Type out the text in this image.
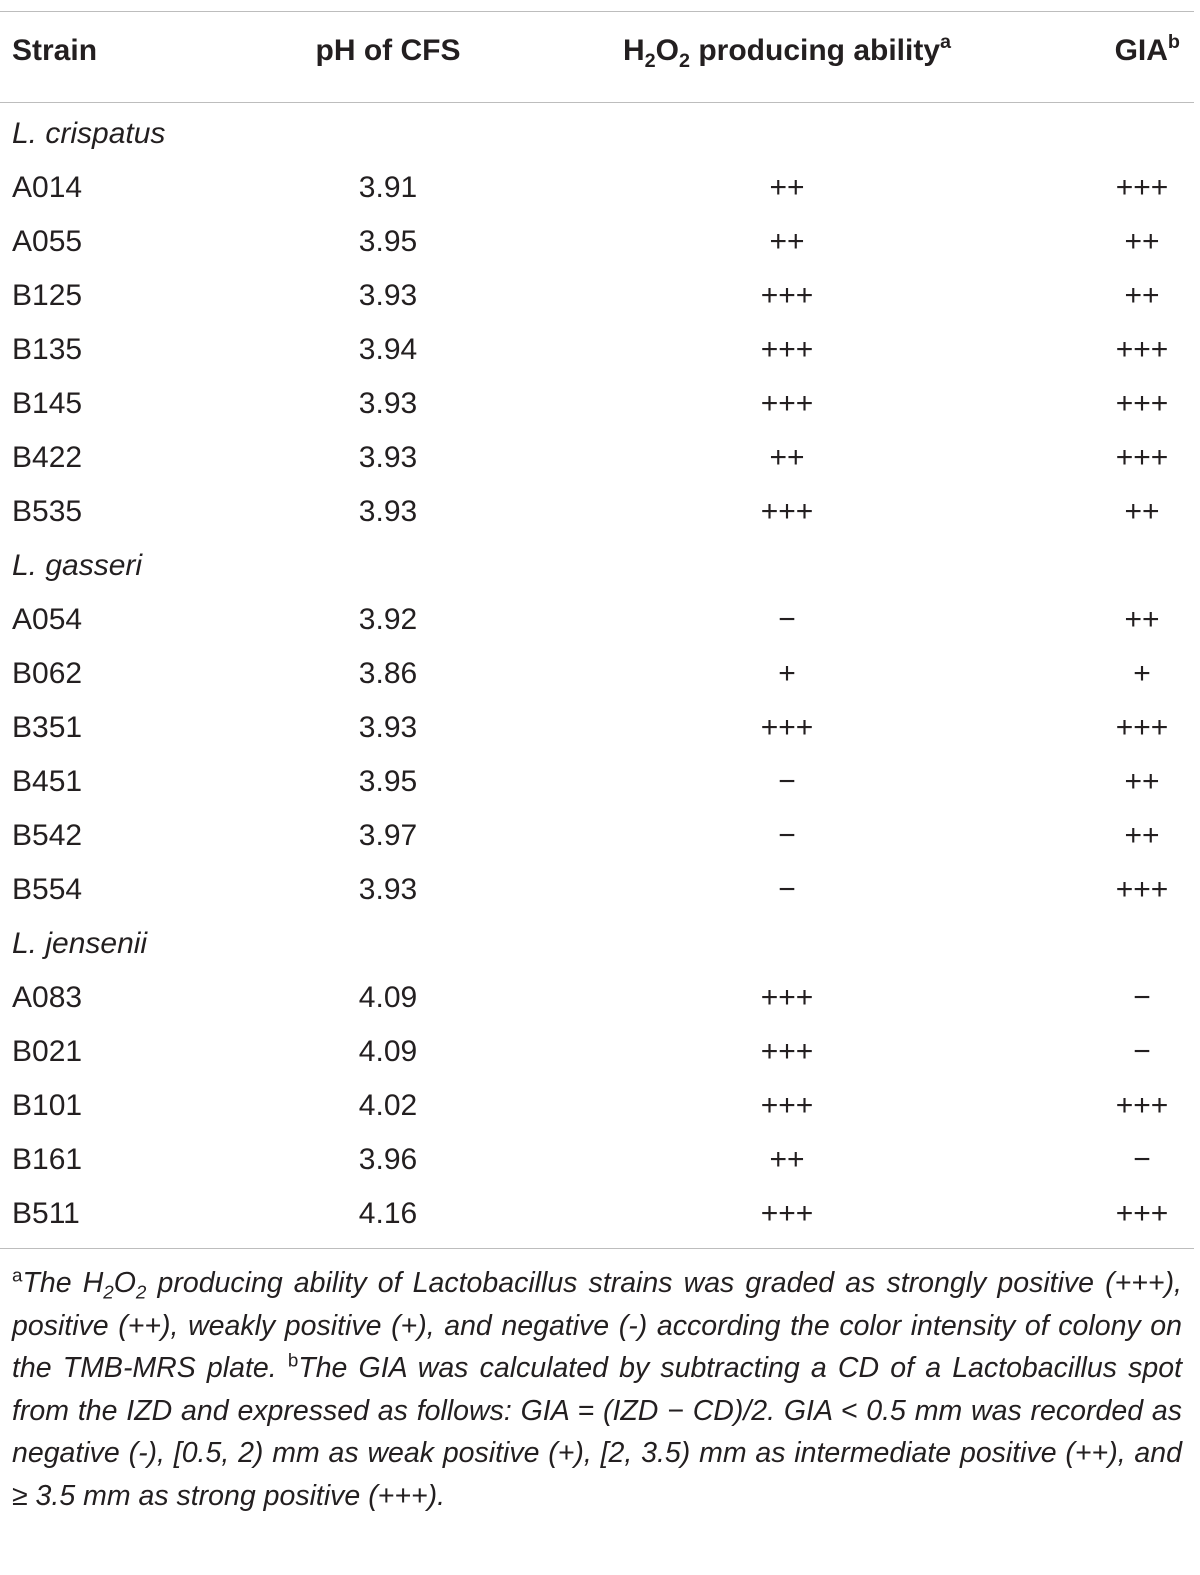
Strain	pH of CFS	$H_2O_2$ producing ability$^a$	GIA$^b$
L. crispatus
A014	3.91	++	+++
A055	3.95	++	++
B125	3.93	+++	++
B135	3.94	+++	+++
B145	3.93	+++	+++
B422	3.93	++	+++
B535	3.93	+++	++
L. gasseri
A054	3.92	−	++
B062	3.86	+	+
B351	3.93	+++	+++
B451	3.95	−	++
B542	3.97	−	++
B554	3.93	−	+++
L. jensenii
A083	4.09	+++	−
B021	4.09	+++	−
B101	4.02	+++	+++
B161	3.96	++	−
B511	4.16	+++	+++
$^a$The $H_2O_2$ producing ability of Lactobacillus strains was graded as strongly positive (+++), positive (++), weakly positive (+), and negative (-) according the color intensity of colony on the TMB-MRS plate. $^b$The GIA was calculated by subtracting a CD of a Lactobacillus spot from the IZD and expressed as follows: GIA = (IZD − CD)/2. GIA < 0.5 mm was recorded as negative (-), [0.5, 2) mm as weak positive (+), [2, 3.5) mm as intermediate positive (++), and ≥ 3.5 mm as strong positive (+++).
